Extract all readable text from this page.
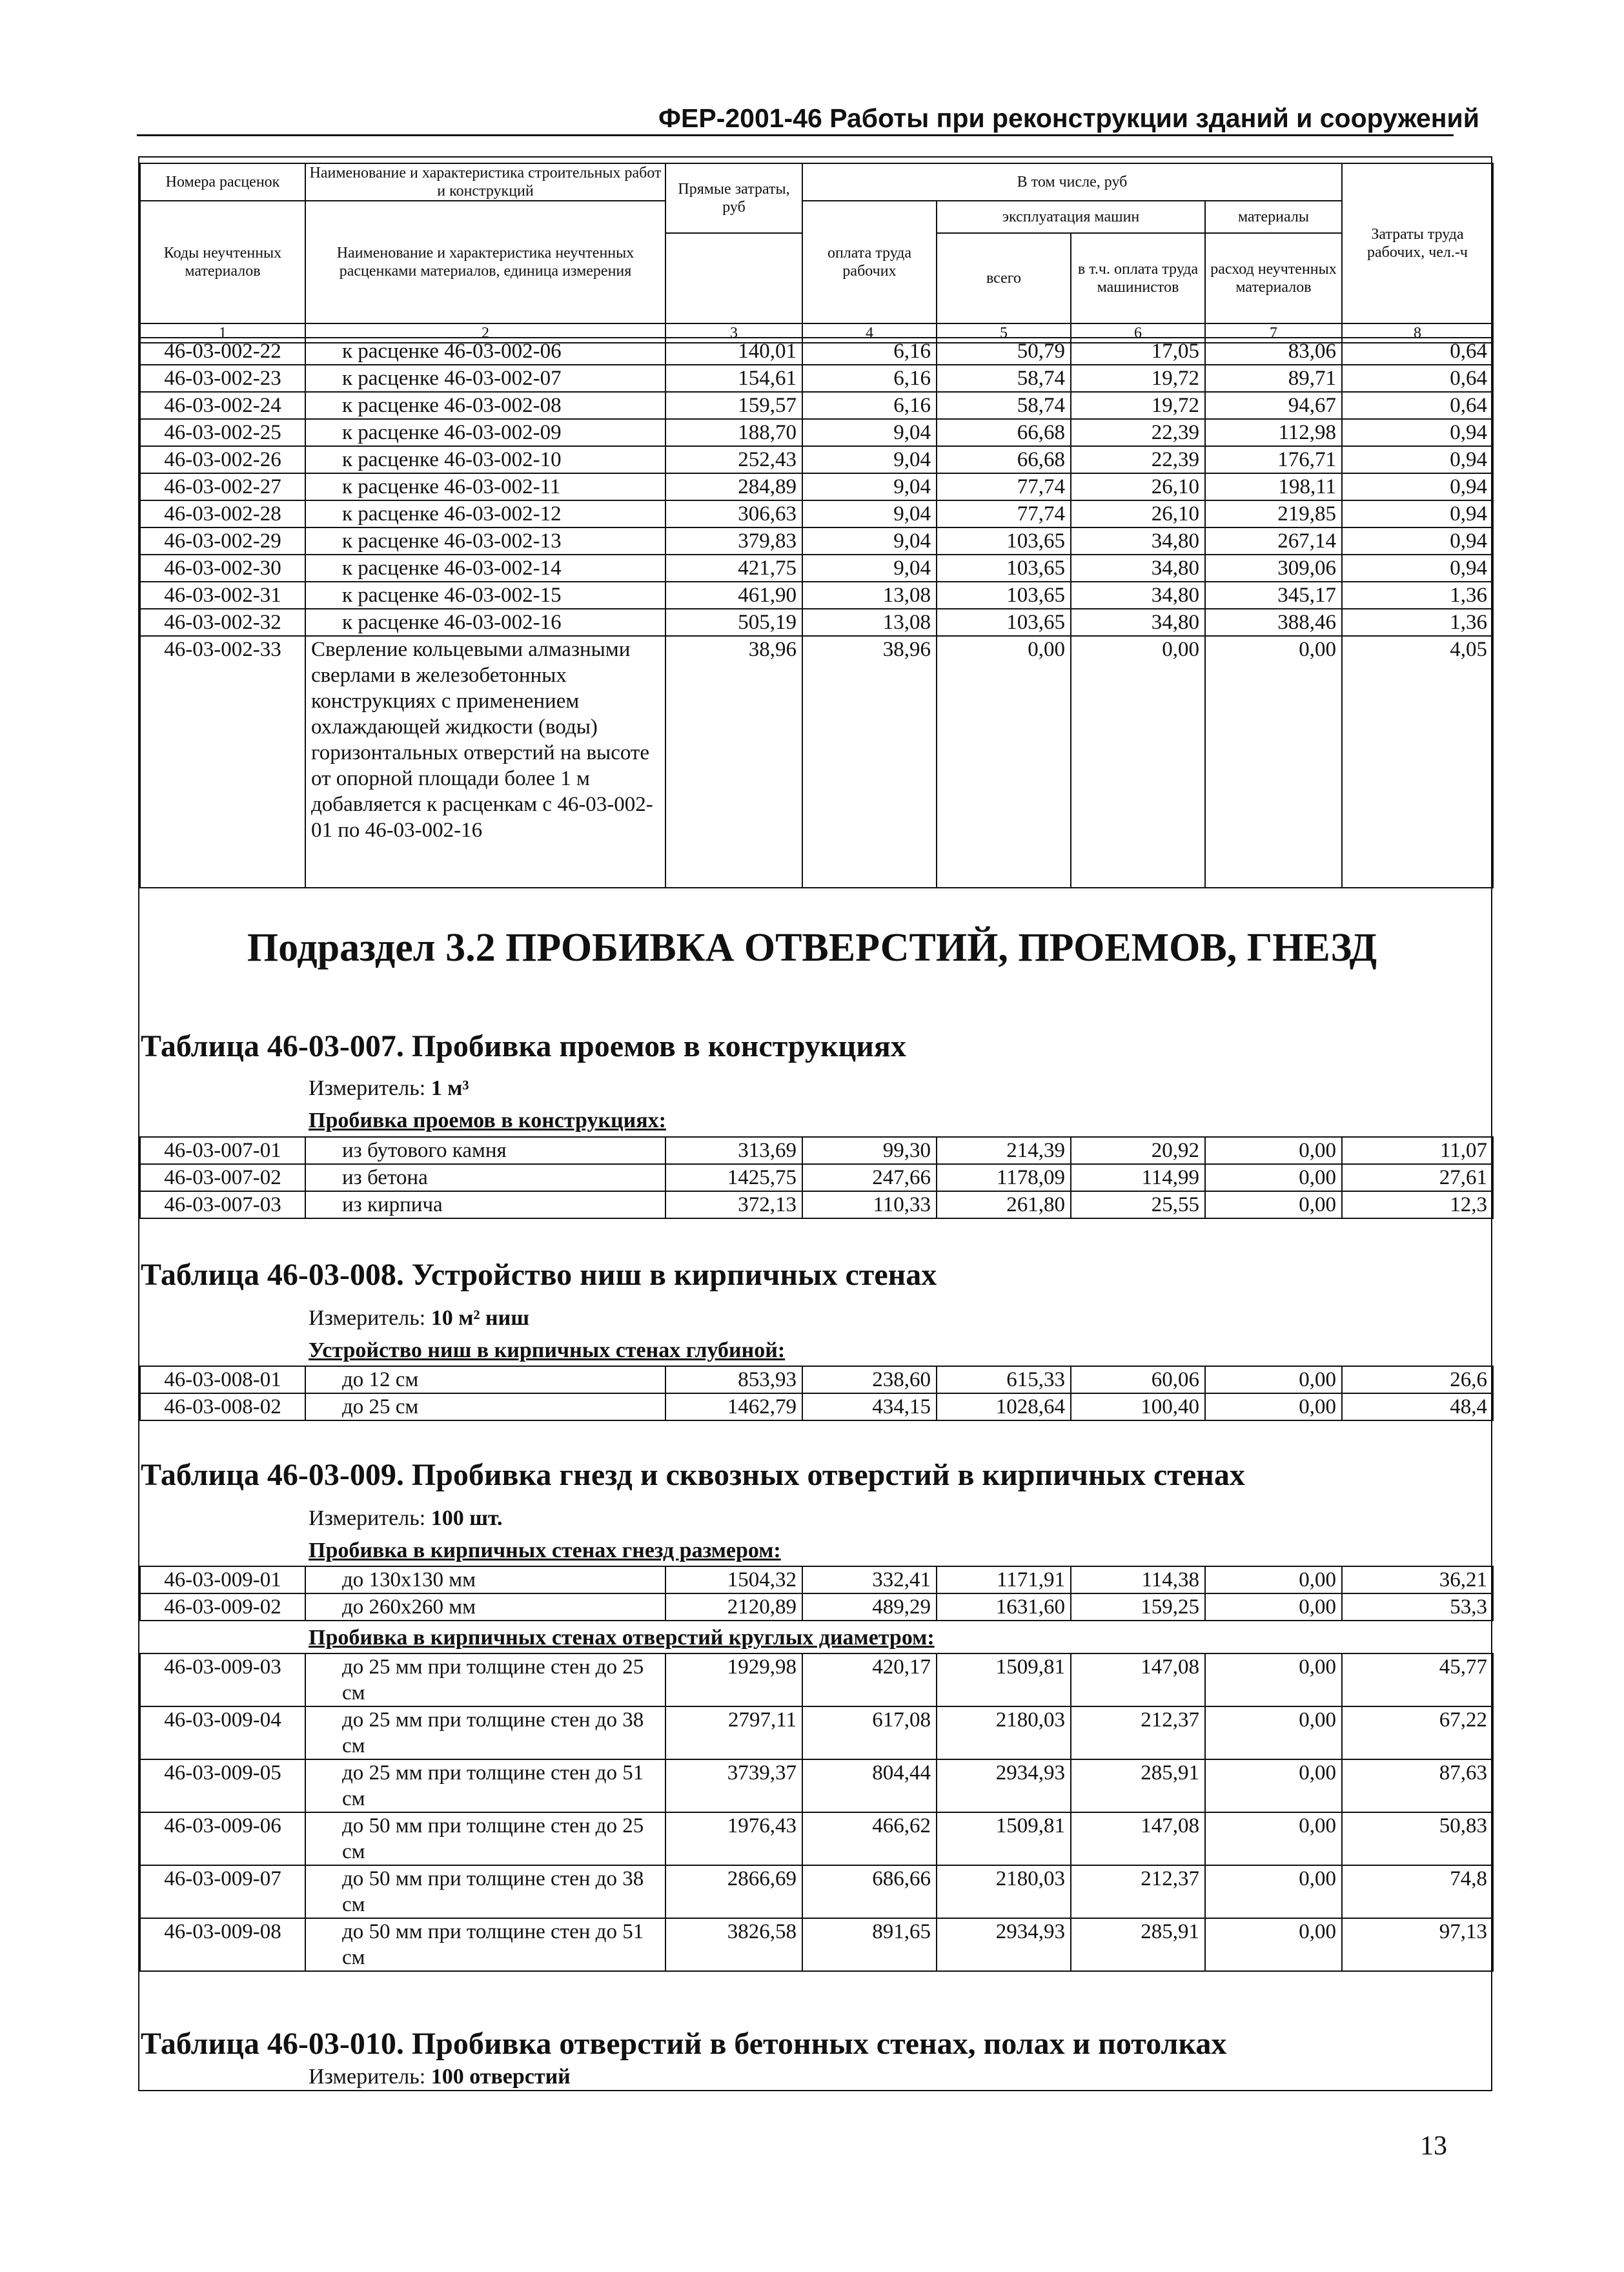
ФЕР-2001-46 Работы при реконструкции зданий и сооружений
Номера расценок	Наименование и характеристика строительных работ и конструкций	Прямые затраты, руб	В том числе, руб				Затраты труда рабочих, чел.-ч
Коды неучтенных материалов	Наименование и характеристика неучтенных расценками материалов, единица измерения		оплата труда рабочих	эксплуатация машин		материалы	
				всего	в т.ч. оплата труда машинистов	расход неучтенных материалов	
1	2	3	4	5	6	7	8
46-03-002-22	к расценке 46-03-002-06	140,01	6,16	50,79	17,05	83,06	0,64
46-03-002-23	к расценке 46-03-002-07	154,61	6,16	58,74	19,72	89,71	0,64
46-03-002-24	к расценке 46-03-002-08	159,57	6,16	58,74	19,72	94,67	0,64
46-03-002-25	к расценке 46-03-002-09	188,70	9,04	66,68	22,39	112,98	0,94
46-03-002-26	к расценке 46-03-002-10	252,43	9,04	66,68	22,39	176,71	0,94
46-03-002-27	к расценке 46-03-002-11	284,89	9,04	77,74	26,10	198,11	0,94
46-03-002-28	к расценке 46-03-002-12	306,63	9,04	77,74	26,10	219,85	0,94
46-03-002-29	к расценке 46-03-002-13	379,83	9,04	103,65	34,80	267,14	0,94
46-03-002-30	к расценке 46-03-002-14	421,75	9,04	103,65	34,80	309,06	0,94
46-03-002-31	к расценке 46-03-002-15	461,90	13,08	103,65	34,80	345,17	1,36
46-03-002-32	к расценке 46-03-002-16	505,19	13,08	103,65	34,80	388,46	1,36
46-03-002-33	Сверление кольцевыми алмазными сверлами в железобетонных конструкциях с применением охлаждающей жидкости (воды) горизонтальных отверстий на высоте от опорной площади более 1 м добавляется к расценкам с 46-03-002-01 по 46-03-002-16	38,96	38,96	0,00	0,00	0,00	4,05
Подраздел 3.2 ПРОБИВКА ОТВЕРСТИЙ, ПРОЕМОВ, ГНЕЗД
Таблица 46-03-007. Пробивка проемов в конструкциях
Измеритель: 1 м³
Пробивка проемов в конструкциях:
46-03-007-01	из бутового камня	313,69	99,30	214,39	20,92	0,00	11,07
46-03-007-02	из бетона	1425,75	247,66	1178,09	114,99	0,00	27,61
46-03-007-03	из кирпича	372,13	110,33	261,80	25,55	0,00	12,3
Таблица 46-03-008. Устройство ниш в кирпичных стенах
Измеритель: 10 м² ниш
Устройство ниш в кирпичных стенах глубиной:
46-03-008-01	до 12 см	853,93	238,60	615,33	60,06	0,00	26,6
46-03-008-02	до 25 см	1462,79	434,15	1028,64	100,40	0,00	48,4
Таблица 46-03-009. Пробивка гнезд и сквозных отверстий в кирпичных стенах
Измеритель: 100 шт.
Пробивка в кирпичных стенах гнезд размером:
46-03-009-01	до 130х130 мм	1504,32	332,41	1171,91	114,38	0,00	36,21
46-03-009-02	до 260х260 мм	2120,89	489,29	1631,60	159,25	0,00	53,3
Пробивка в кирпичных стенах отверстий круглых диаметром:
46-03-009-03	до 25 мм при толщине стен до 25 см	1929,98	420,17	1509,81	147,08	0,00	45,77
46-03-009-04	до 25 мм при толщине стен до 38 см	2797,11	617,08	2180,03	212,37	0,00	67,22
46-03-009-05	до 25 мм при толщине стен до 51 см	3739,37	804,44	2934,93	285,91	0,00	87,63
46-03-009-06	до 50 мм при толщине стен до 25 см	1976,43	466,62	1509,81	147,08	0,00	50,83
46-03-009-07	до 50 мм при толщине стен до 38 см	2866,69	686,66	2180,03	212,37	0,00	74,8
46-03-009-08	до 50 мм при толщине стен до 51 см	3826,58	891,65	2934,93	285,91	0,00	97,13
Таблица 46-03-010. Пробивка отверстий в бетонных стенах, полах и потолках
Измеритель: 100 отверстий
13
